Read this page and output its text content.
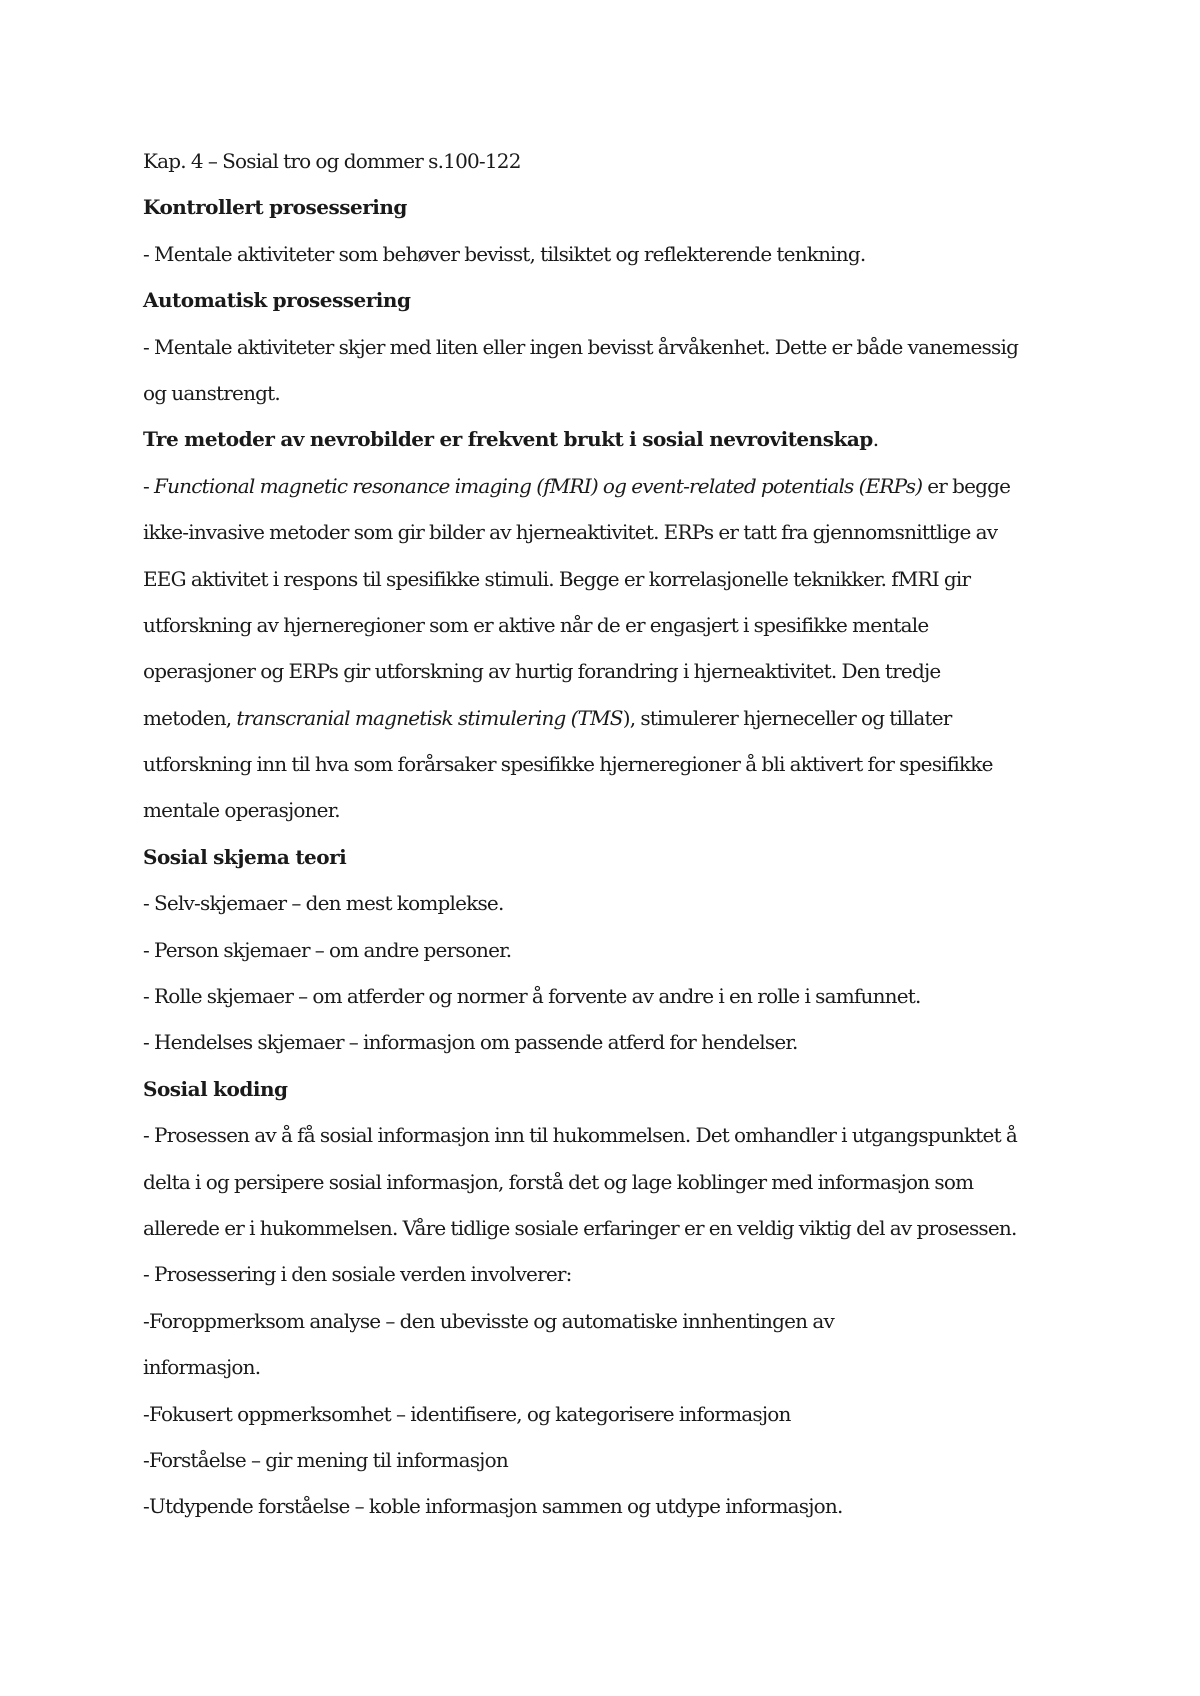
Kap. 4 – Sosial tro og dommer s.100-122

Kontrollert prosessering

- Mentale aktiviteter som behøver bevisst, tilsiktet og reflekterende tenkning.

Automatisk prosessering

- Mentale aktiviteter skjer med liten eller ingen bevisst årvåkenhet. Dette er både vanemessig

og uanstrengt.

Tre metoder av nevrobilder er frekvent brukt i sosial nevrovitenskap.

- Functional magnetic resonance imaging (fMRI) og event-related potentials (ERPs) er begge

ikke-invasive metoder som gir bilder av hjerneaktivitet. ERPs er tatt fra gjennomsnittlige av

EEG aktivitet i respons til spesifikke stimuli. Begge er korrelasjonelle teknikker. fMRI gir

utforskning av hjerneregioner som er aktive når de er engasjert i spesifikke mentale

operasjoner og ERPs gir utforskning av hurtig forandring i hjerneaktivitet. Den tredje

metoden, transcranial magnetisk stimulering (TMS), stimulerer hjerneceller og tillater

utforskning inn til hva som forårsaker spesifikke hjerneregioner å bli aktivert for spesifikke

mentale operasjoner.

Sosial skjema teori

- Selv-skjemaer – den mest komplekse.

- Person skjemaer – om andre personer.

- Rolle skjemaer – om atferder og normer å forvente av andre i en rolle i samfunnet.

- Hendelses skjemaer – informasjon om passende atferd for hendelser.

Sosial koding

- Prosessen av å få sosial informasjon inn til hukommelsen. Det omhandler i utgangspunktet å

delta i og persipere sosial informasjon, forstå det og lage koblinger med informasjon som

allerede er i hukommelsen. Våre tidlige sosiale erfaringer er en veldig viktig del av prosessen.

- Prosessering i den sosiale verden involverer:

-Foroppmerksom analyse – den ubevisste og automatiske innhentingen av

informasjon.

-Fokusert oppmerksomhet – identifisere, og kategorisere informasjon

-Forståelse – gir mening til informasjon

-Utdypende forståelse – koble informasjon sammen og utdype informasjon.
